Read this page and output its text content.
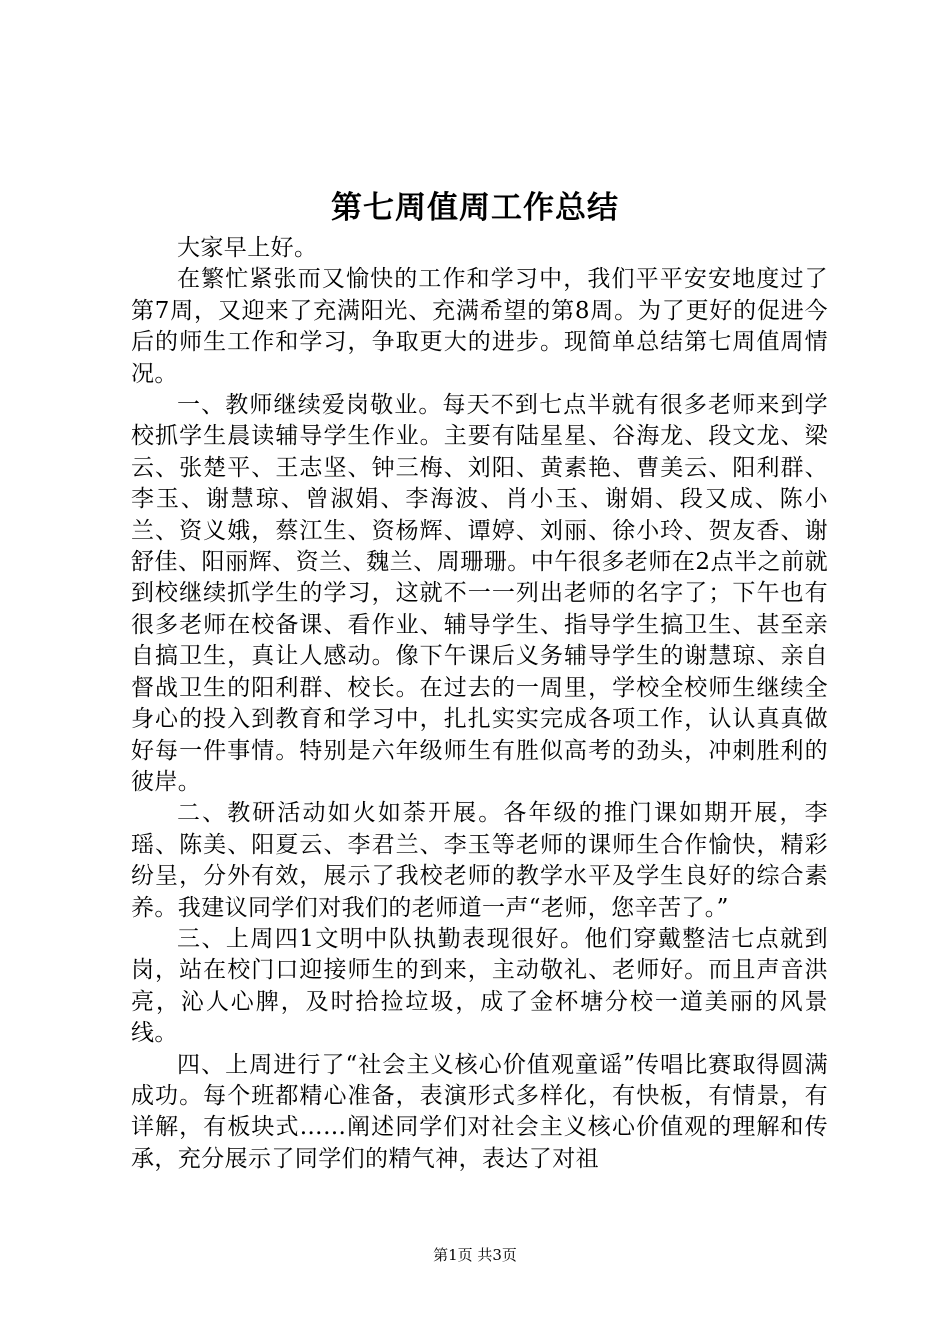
第七周值周工作总结

大家早上好。

在繁忙紧张而又愉快的工作和学习中，我们平平安安地度过了第7周，又迎来了充满阳光、充满希望的第8周。为了更好的促进今后的师生工作和学习，争取更大的进步。现简单总结第七周值周情况。

一、教师继续爱岗敬业。每天不到七点半就有很多老师来到学校抓学生晨读辅导学生作业。主要有陆星星、谷海龙、段文龙、梁云、张楚平、王志坚、钟三梅、刘阳、黄素艳、曹美云、阳利群、李玉、谢慧琼、曾淑娟、李海波、肖小玉、谢娟、段又成、陈小兰、资义娥，蔡江生、资杨辉、谭婷、刘丽、徐小玲、贺友香、谢舒佳、阳丽辉、资兰、魏兰、周珊珊。中午很多老师在2点半之前就到校继续抓学生的学习，这就不一一列出老师的名字了；下午也有很多老师在校备课、看作业、辅导学生、指导学生搞卫生、甚至亲自搞卫生，真让人感动。像下午课后义务辅导学生的谢慧琼、亲自督战卫生的阳利群、校长。在过去的一周里，学校全校师生继续全身心的投入到教育和学习中，扎扎实实完成各项工作，认认真真做好每一件事情。特别是六年级师生有胜似高考的劲头，冲刺胜利的彼岸。

二、教研活动如火如荼开展。各年级的推门课如期开展，李瑶、陈美、阳夏云、李君兰、李玉等老师的课师生合作愉快，精彩纷呈，分外有效，展示了我校老师的教学水平及学生良好的综合素养。我建议同学们对我们的老师道一声“老师，您辛苦了。”

三、上周四1文明中队执勤表现很好。他们穿戴整洁七点就到岗，站在校门口迎接师生的到来，主动敬礼、老师好。而且声音洪亮，沁人心脾，及时拾捡垃圾，成了金杯塘分校一道美丽的风景线。

四、上周进行了“社会主义核心价值观童谣”传唱比赛取得圆满成功。每个班都精心准备，表演形式多样化，有快板，有情景，有详解，有板块式……阐述同学们对社会主义核心价值观的理解和传承，充分展示了同学们的精气神，表达了对祖

第1页 共3页
